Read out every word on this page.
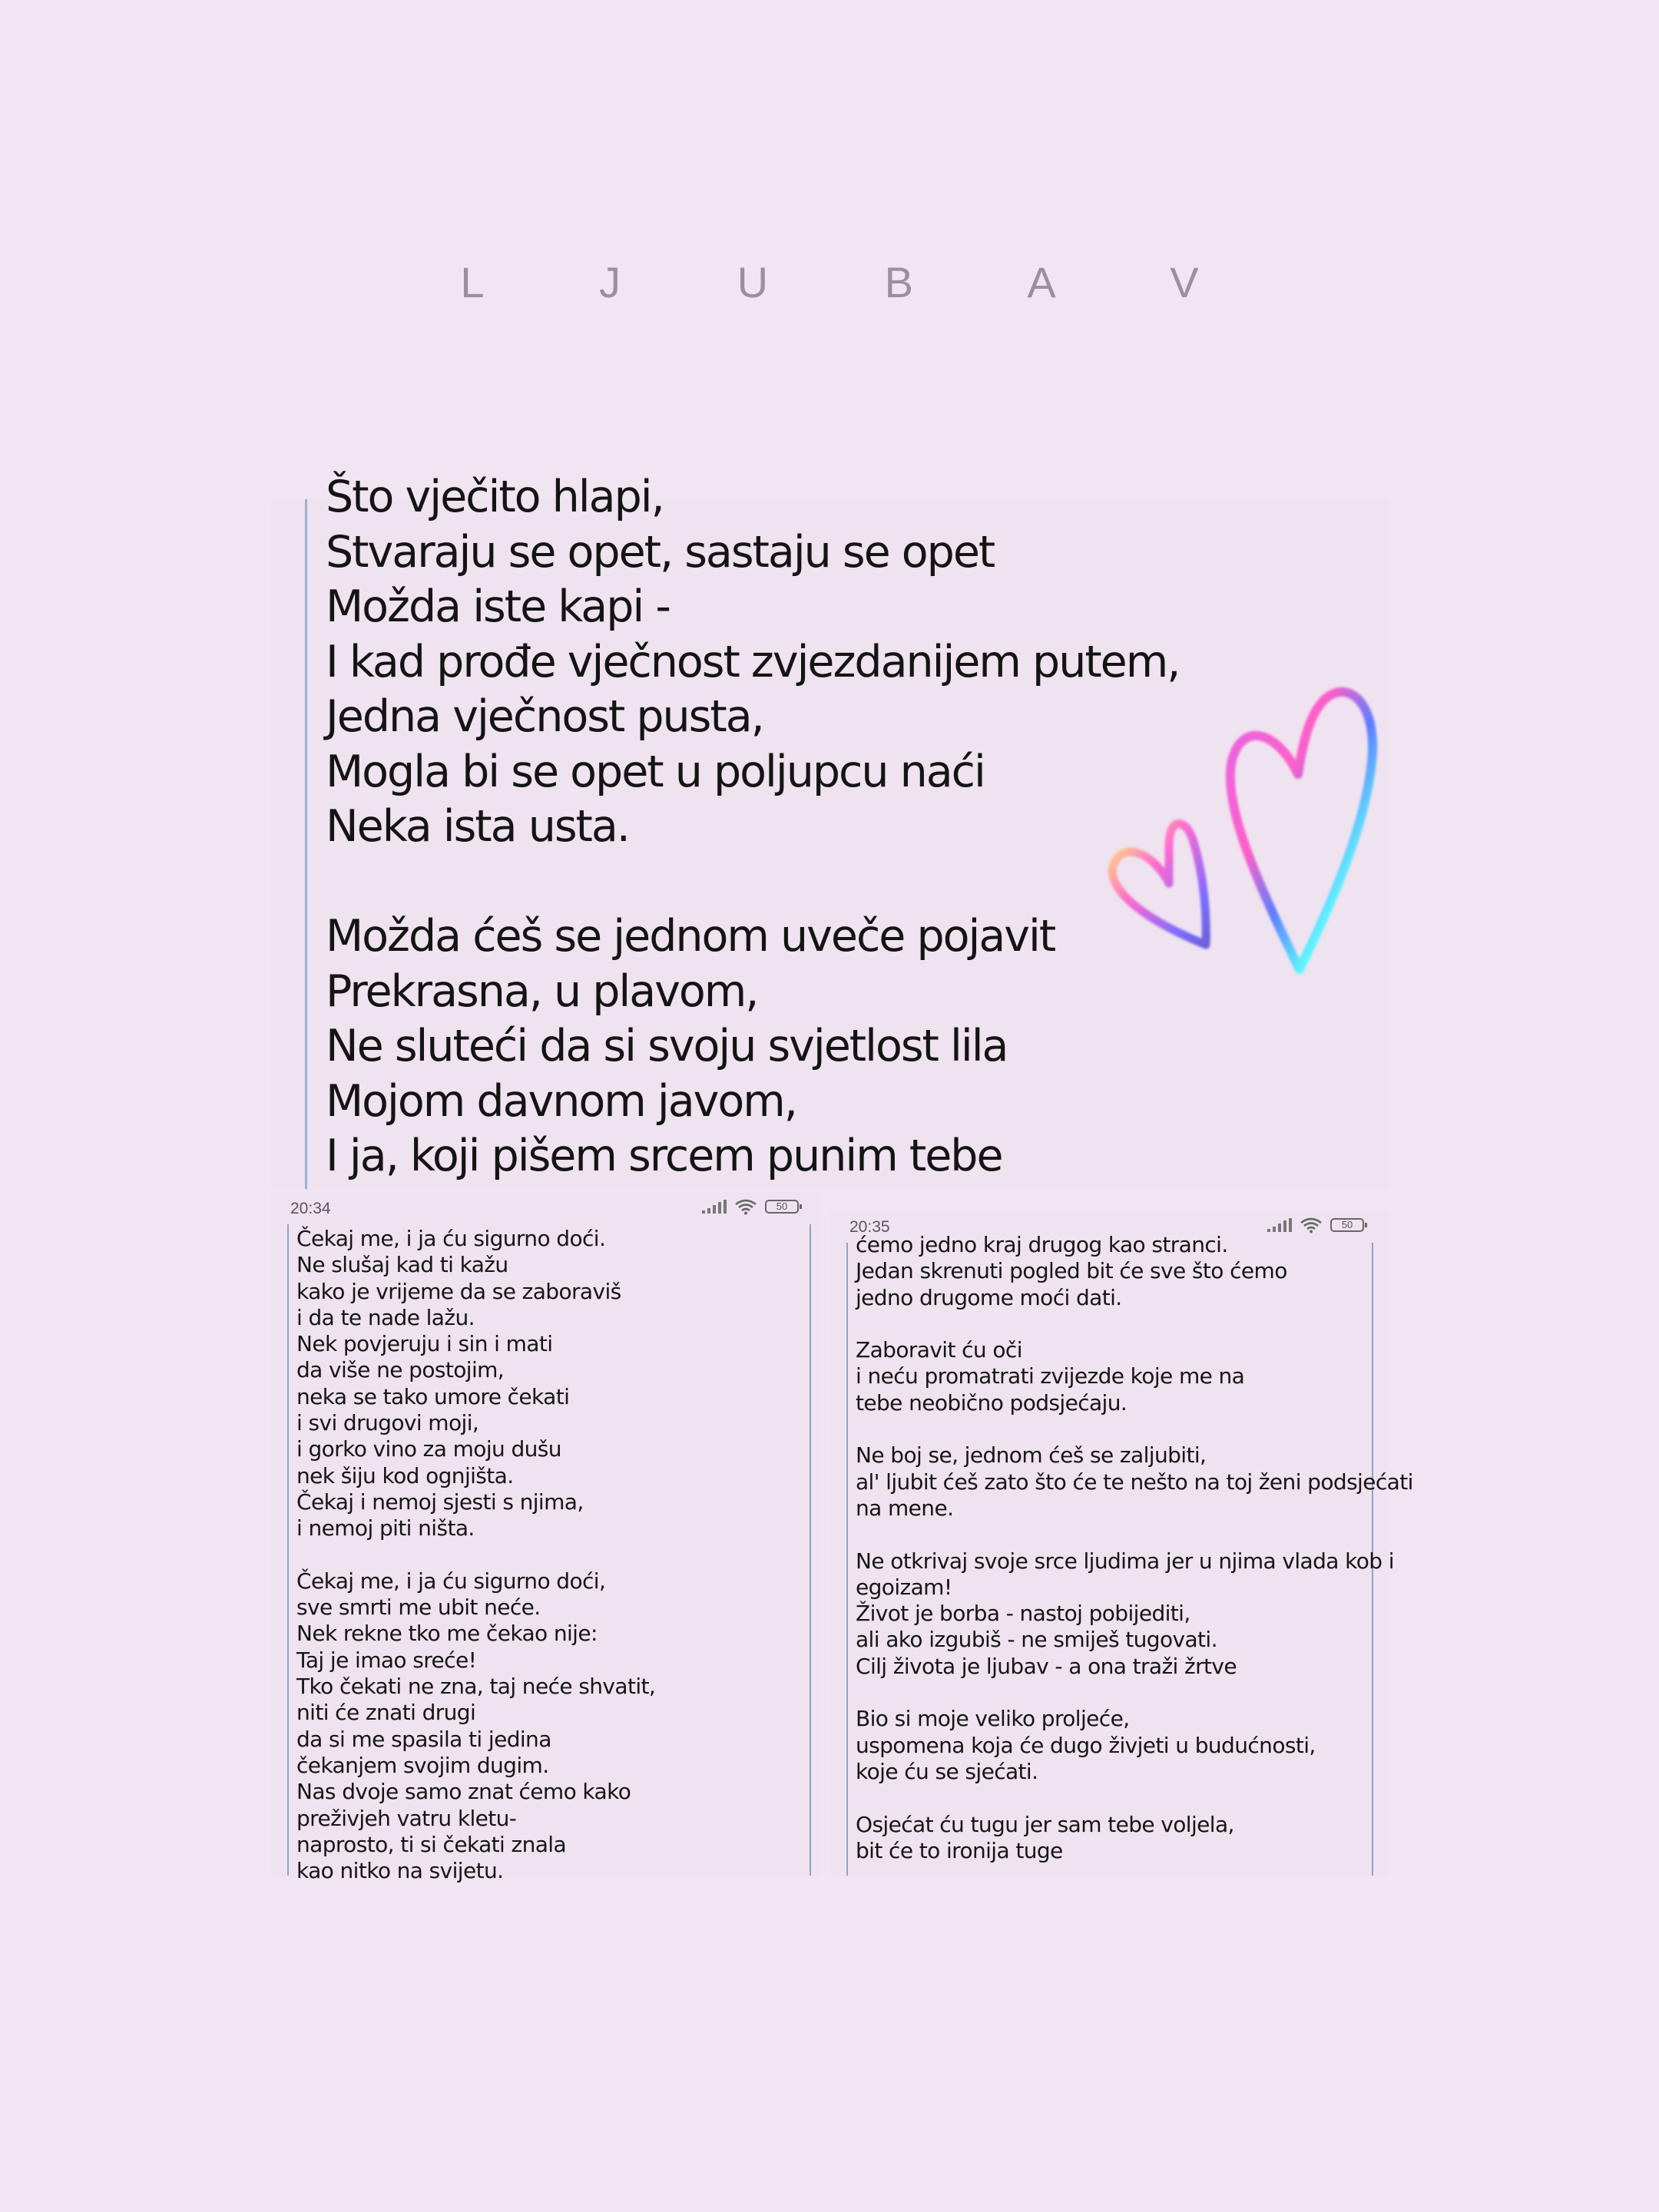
L J U B A V
Što vječito hlapi,
Stvaraju se opet, sastaju se opet
Možda iste kapi -
I kad prođe vječnost zvjezdanijem putem,
Jedna vječnost pusta,
Mogla bi se opet u poljupcu naći
Neka ista usta.
Možda ćeš se jednom uveče pojavit
Prekrasna, u plavom,
Ne sluteći da si svoju svjetlost lila
Mojom davnom javom,
I ja, koji pišem srcem punim tebe
20:34	50
Čekaj me, i ja ću sigurno doći.
Ne slušaj kad ti kažu
kako je vrijeme da se zaboraviš
i da te nade lažu.
Nek povjeruju i sin i mati
da više ne postojim,
neka se tako umore čekati
i svi drugovi moji,
i gorko vino za moju dušu
nek šiju kod ognjišta.
Čekaj i nemoj sjesti s njima,
i nemoj piti ništa.
Čekaj me, i ja ću sigurno doći,
sve smrti me ubit neće.
Nek rekne tko me čekao nije:
Taj je imao sreće!
Tko čekati ne zna, taj neće shvatit,
niti će znati drugi
da si me spasila ti jedina
čekanjem svojim dugim.
Nas dvoje samo znat ćemo kako
preživjeh vatru kletu-
naprosto, ti si čekati znala
kao nitko na svijetu.
20:35	50
ćemo jedno kraj drugog kao stranci.
Jedan skrenuti pogled bit će sve što ćemo
jedno drugome moći dati.
Zaboravit ću oči
i neću promatrati zvijezde koje me na
tebe neobično podsjećaju.
Ne boj se, jednom ćeš se zaljubiti,
al' ljubit ćeš zato što će te nešto na toj ženi podsjećati
na mene.
Ne otkrivaj svoje srce ljudima jer u njima vlada kob i
egoizam!
Život je borba - nastoj pobijediti,
ali ako izgubiš - ne smiješ tugovati.
Cilj života je ljubav - a ona traži žrtve
Bio si moje veliko proljeće,
uspomena koja će dugo živjeti u budućnosti,
koje ću se sjećati.
Osjećat ću tugu jer sam tebe voljela,
bit će to ironija tuge
